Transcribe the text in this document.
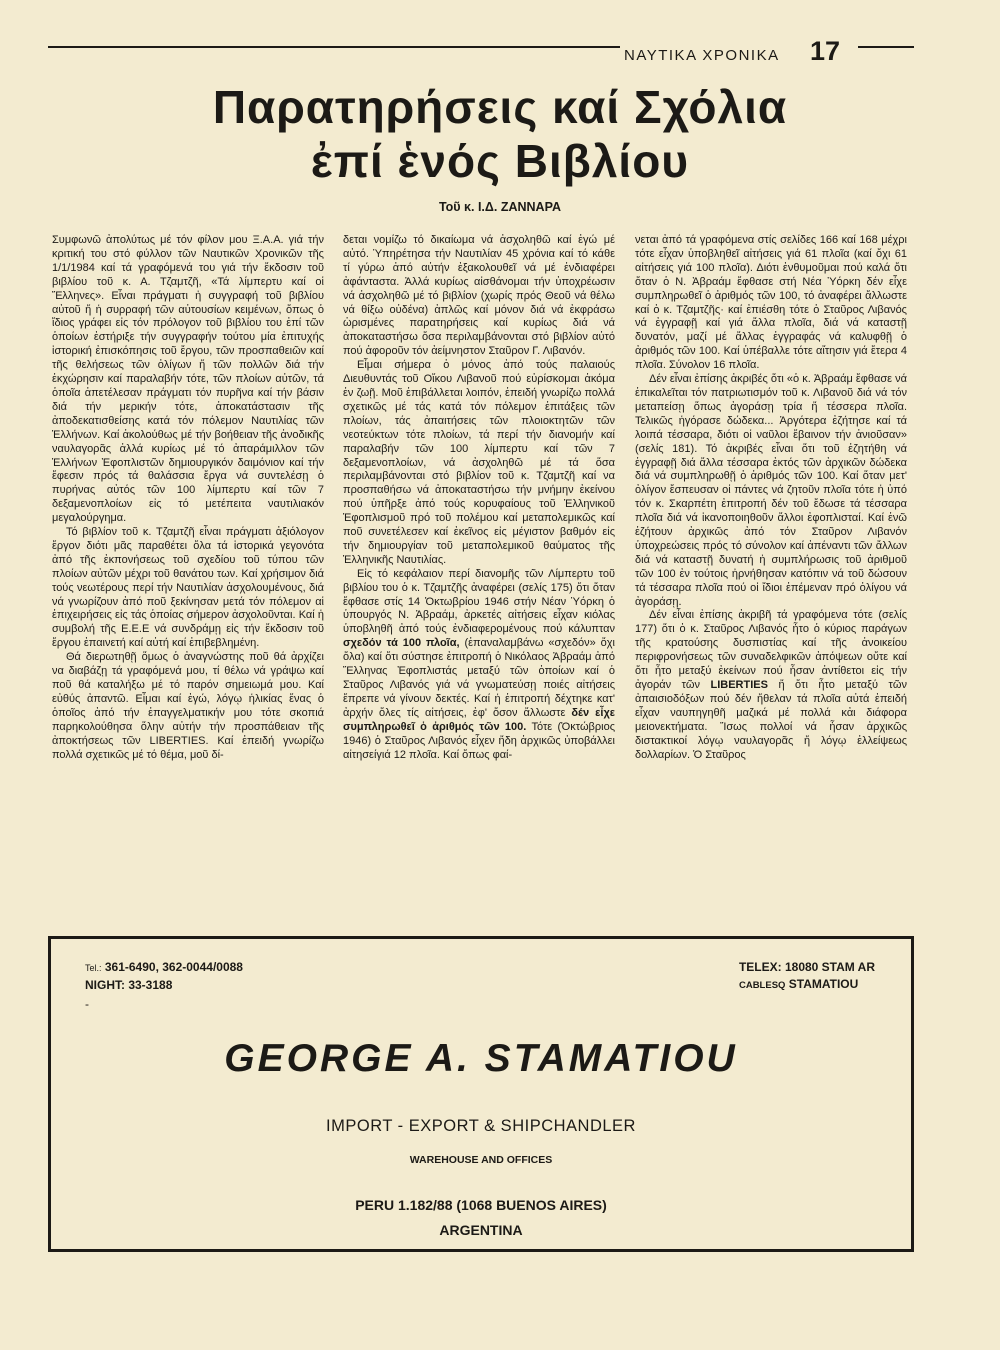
ΝΑΥΤΙΚΑ ΧΡΟΝΙΚΑ 17
Παρατηρήσεις καί Σχόλια
ἐπί ἑνός Βιβλίου
Τοῦ κ. Ι.Δ. ΖΑΝΝΑΡΑ

Συμφωνῶ ἀπολύτως μέ τόν φίλον μου Ξ.Α.Α. γιά τήν κριτική του στό φύλλον τῶν Ναυτικῶν Χρονικῶν τῆς 1/1/1984 καί τά γραφόμενά του γιά τήν ἔκδοσιν τοῦ βιβλίου τοῦ κ. Α. Τζαμτζῆ, «Τά λίμπερτυ καί οἱ Ἕλληνες». Εἶναι πράγματι ἡ συγγραφή τοῦ βιβλίου αὐτοῦ ἤ ἡ συρραφή τῶν αὐτουσίων κειμένων, ὅπως ὁ ἴδιος γράφει εἰς τόν πρόλογον τοῦ βιβλίου του ἐπί τῶν ὁποίων ἐστήριξε τήν συγγραφήν τούτου μία ἐπιτυχής ἱστορική ἐπισκόπησις τοῦ ἔργου, τῶν προσπαθειῶν καί τῆς θελήσεως τῶν ὀλίγων ἤ τῶν πολλῶν διά τήν ἐκχώρησιν καί παραλαβήν τότε, τῶν πλοίων αὐτῶν, τά ὁποῖα ἀπετέλεσαν πράγματι τόν πυρῆνα καί τήν βάσιν διά τήν μερικήν τότε, ἀποκατάστασιν τῆς ἀποδεκατισθείσης κατά τόν πόλεμον Ναυτιλίας τῶν Ἑλλήνων. Καί ἀκολούθως μέ τήν βοήθειαν τῆς ἀνοδικῆς ναυλαγορᾶς ἀλλά κυρίως μέ τό ἀπαράμιλλον τῶν Ἑλλήνων Ἐφοπλιστῶν δημιουργικόν δαιμόνιον καί τήν ἔφεσιν πρός τά θαλάσσια ἔργα νά συντελέσῃ ὁ πυρήνας αὐτός τῶν 100 λίμπερτυ καί τῶν 7 δεξαμενοπλοίων εἰς τό μετέπειτα ναυτιλιακόν μεγαλούργημα.

Τό βιβλίον τοῦ κ. Τζαμτζῆ εἶναι πράγματι ἀξιόλογον ἔργον διότι μᾶς παραθέτει ὅλα τά ἱστορικά γεγονότα ἀπό τῆς ἐκπονήσεως τοῦ σχεδίου τοῦ τύπου τῶν πλοίων αὐτῶν μέχρι τοῦ θανάτου των. Καί χρήσιμον διά τούς νεωτέρους περί τήν Ναυτιλίαν ἀσχολουμένους, διά νά γνωρίζουν ἀπό ποῦ ξεκίνησαν μετά τόν πόλεμον αἱ ἐπιχειρήσεις εἰς τάς ὁποίας σήμερον ἀσχολοῦνται. Καί ἡ συμβολή τῆς Ε.Ε.Ε νά συνδράμῃ εἰς τήν ἔκδοσιν τοῦ ἔργου ἐπαινετή καί αὐτή καί ἐπιβεβλημένη.

Θά διερωτηθῇ ὅμως ὁ ἀναγνώστης ποῦ θά ἀρχίζει να διαβάζῃ τά γραφόμενά μου, τί θέλω νά γράψω καί ποῦ θά καταλήξω μέ τό παρόν σημειωμά μου. Καί εὐθύς ἀπαντῶ. Εἶμαι καί ἐγώ, λόγῳ ἡλικίας ἕνας ὁ ὁποῖος ἀπό τήν ἐπαγγελματικήν μου τότε σκοπιά παρηκολούθησα ὅλην αὐτήν τήν προσπάθειαν τῆς ἀποκτήσεως τῶν LIBERTIES. Καί ἐπειδή γνωρίζω πολλά σχετικῶς μέ τό θέμα, μοῦ δί-

δεται νομίζω τό δικαίωμα νά ἀσχοληθῶ καί ἐγώ μέ αὐτό. Ὑπηρέτησα τήν Ναυτιλίαν 45 χρόνια καί τό κάθε τί γύρω ἀπό αὐτήν ἐξακολουθεῖ νά μέ ἐνδιαφέρει ἀφάνταστα. Ἀλλά κυρίως αἰσθάνομαι τήν ὑποχρέωσιν νά ἀσχοληθῶ μέ τό βιβλίον (χωρίς πρός Θεοῦ νά θέλω νά θίξω οὐδένα) ἁπλῶς καί μόνον διά νά ἐκφράσω ὡρισμένες παρατηρήσεις καί κυρίως διά νά ἀποκαταστήσω ὅσα περιλαμβάνονται στό βιβλίον αὐτό πού ἀφοροῦν τόν ἀείμνηστον Σταῦρον Γ. Λιβανόν.

Εἶμαι σήμερα ὁ μόνος ἀπό τούς παλαιούς Διευθυντάς τοῦ Οἴκου Λιβανοῦ πού εὑρίσκομαι ἀκόμα ἐν ζωῇ. Μοῦ ἐπιβάλλεται λοιπόν, ἐπειδή γνωρίζω πολλά σχετικῶς μέ τάς κατά τόν πόλεμον ἐπιτάξεις τῶν πλοίων, τάς ἀπαιτήσεις τῶν πλοιοκτητῶν τῶν νεοτεύκτων τότε πλοίων, τά περί τήν διανομήν καί παραλαβήν τῶν 100 λίμπερτυ καί τῶν 7 δεξαμενοπλοίων, νά ἀσχοληθῶ μέ τά ὅσα περιλαμβάνονται στό βιβλίον τοῦ κ. Τζαμτζῆ καί να προσπαθήσω νά ἀποκαταστήσω τήν μνήμην ἐκείνου πού ὑπῆρξε ἀπό τούς κορυφαίους τοῦ Ἑλληνικοῦ Ἐφοπλισμοῦ πρό τοῦ πολέμου καί μεταπολεμικῶς καί ποῦ συνετέλεσεν καί ἐκεῖνος εἰς μέγιστον βαθμόν εἰς τήν δημιουργίαν τοῦ μεταπολεμικοῦ θαύματος τῆς Ἑλληνικῆς Ναυτιλίας.

Εἰς τό κεφάλαιον περί διανομῆς τῶν Λίμπερτυ τοῦ βιβλίου του ὁ κ. Τζαμτζῆς ἀναφέρει (σελίς 175) ὅτι ὅταν ἔφθασε στίς 14 Ὀκτωβρίου 1946 στήν Νέαν Ὑόρκη ὁ ὑπουργός Ν. Ἀβραάμ, ἀρκετές αἰτήσεις εἶχαν κιόλας ὑποβληθῆ ἀπό τούς ἐνδιαφερομένους πού κάλυπταν σχεδόν τά 100 πλοῖα, (ἐπαναλαμβάνω «σχεδόν» ὄχι ὅλα) καί ὅτι σύστησε ἐπιτροπή ὁ Νικόλαος Ἀβραάμ ἀπό Ἕλληνας Ἐφοπλιστάς μεταξύ τῶν ὁποίων καί ὁ Σταῦρος Λιβανός γιά νά γνωματεύσῃ ποιές αἰτήσεις ἔπρεπε νά γίνουν δεκτές. Καί ἡ ἐπιτροπή δέχτηκε κατ' ἀρχήν ὅλες τίς αἰτήσεις, ἐφ' ὅσον ἄλλωστε δέν εἶχε συμπληρωθεῖ ὁ ἀριθμός τῶν 100. Τότε (Ὀκτώβριος 1946) ὁ Σταῦρος Λιβανός εἶχεν ἤδη ἀρχικῶς ὑποβάλλει αἰτησείγιά 12 πλοῖα. Καί ὅπως φαί-

νεται ἀπό τά γραφόμενα στίς σελίδες 166 καί 168 μέχρι τότε εἶχαν ὑποβληθεῖ αἰτήσεις γιά 61 πλοῖα (καί ὄχι 61 αἰτήσεις γιά 100 πλοῖα). Διότι ἐνθυμοῦμαι πού καλά ὅτι ὅταν ὁ Ν. Ἀβραάμ ἔφθασε στή Νέα Ὑόρκη δέν εἶχε συμπληρωθεῖ ὁ ἀριθμός τῶν 100, τό ἀναφέρει ἄλλωστε καί ὁ κ. Τζαμτζῆς· καί ἐπιέσθη τότε ὁ Σταῦρος Λιβανός νά ἐγγραφῇ καί γιά ἄλλα πλοῖα, διά νά καταστῇ δυνατόν, μαζί μέ ἄλλας ἐγγραφάς νά καλυφθῇ ὁ ἀριθμός τῶν 100. Καί ὑπέβαλλε τότε αἴτησιν γιά ἕτερα 4 πλοῖα. Σύνολον 16 πλοῖα.

Δέν εἶναι ἐπίσης ἀκριβές ὅτι «ὁ κ. Ἀβραάμ ἔφθασε νά ἐπικαλεῖται τόν πατριωτισμόν τοῦ κ. Λιβανοῦ διά νά τόν μεταπείσῃ ὅπως ἀγοράσῃ τρία ἤ τέσσερα πλοῖα. Τελικῶς ἡγόρασε δώδεκα... Ἀργότερα ἐζήτησε καί τά λοιπά τέσσαρα, διότι οἱ ναῦλοι ἔβαινον τήν ἀνιοῦσαν» (σελίς 181). Τό ἀκριβές εἶναι ὅτι τοῦ ἐζητήθη νά ἐγγραφῇ διά ἄλλα τέσσαρα ἐκτός τῶν ἀρχικῶν δώδεκα διά νά συμπληρωθῇ ὁ ἀριθμός τῶν 100. Καί ὅταν μετ' ὀλίγον ἔσπευσαν οἱ πάντες νά ζητοῦν πλοῖα τότε ἡ ὑπό τόν κ. Σκαρπέτη ἐπιτροπή δέν τοῦ ἔδωσε τά τέσσαρα πλοῖα διά νά ἱκανοποιηθοῦν ἄλλοι ἐφοπλισταί. Καί ἐνῶ ἐζήτουν ἀρχικῶς ἀπό τόν Σταῦρον Λιβανόν ὑποχρεώσεις πρός τό σύνολον καί ἀπέναντι τῶν ἄλλων διά νά καταστῇ δυνατή ἡ συμπλήρωσις τοῦ ἀριθμοῦ τῶν 100 ἐν τούτοις ἠρνήθησαν κατόπιν νά τοῦ δώσουν τά τέσσαρα πλοῖα πού οἱ ἴδιοι ἐπέμεναν πρό ὀλίγου νά ἀγοράσῃ.

Δέν εἶναι ἐπίσης ἀκριβῆ τά γραφόμενα τότε (σελίς 177) ὅτι ὁ κ. Σταῦρος Λιβανός ἦτο ὁ κύριος παράγων τῆς κρατούσης δυσπιστίας καί τῆς ἀνοικείου περιφρονήσεως τῶν συναδελφικῶν ἀπόψεων οὔτε καί ὅτι ἦτο μεταξύ ἐκείνων πού ἦσαν ἀντίθετοι εἰς τήν ἀγοράν τῶν LIBERTIES ἤ ὅτι ἦτο μεταξύ τῶν ἀπαισιοδόξων πού δέν ἤθελαν τά πλοῖα αὐτά ἐπειδή εἶχαν ναυπηγηθῆ μαζικά μέ πολλά κἀι διάφορα μειονεκτήματα. Ἴσως πολλοί νά ἦσαν ἀρχικῶς διστακτικοί λόγῳ ναυλαγορᾶς ἤ λόγῳ ἐλλείψεως δολλαρίων. Ὁ Σταῦρος

Tel.: 361-6490, 362-0044/0088
NIGHT: 33-3188
-
TELEX: 18080 STAM AR
CABLESQ STAMATIOU
GEORGE A. STAMATIOU
IMPORT - EXPORT & SHIPCHANDLER
WAREHOUSE AND OFFICES
PERU 1.182/88 (1068 BUENOS AIRES)
ARGENTINA
